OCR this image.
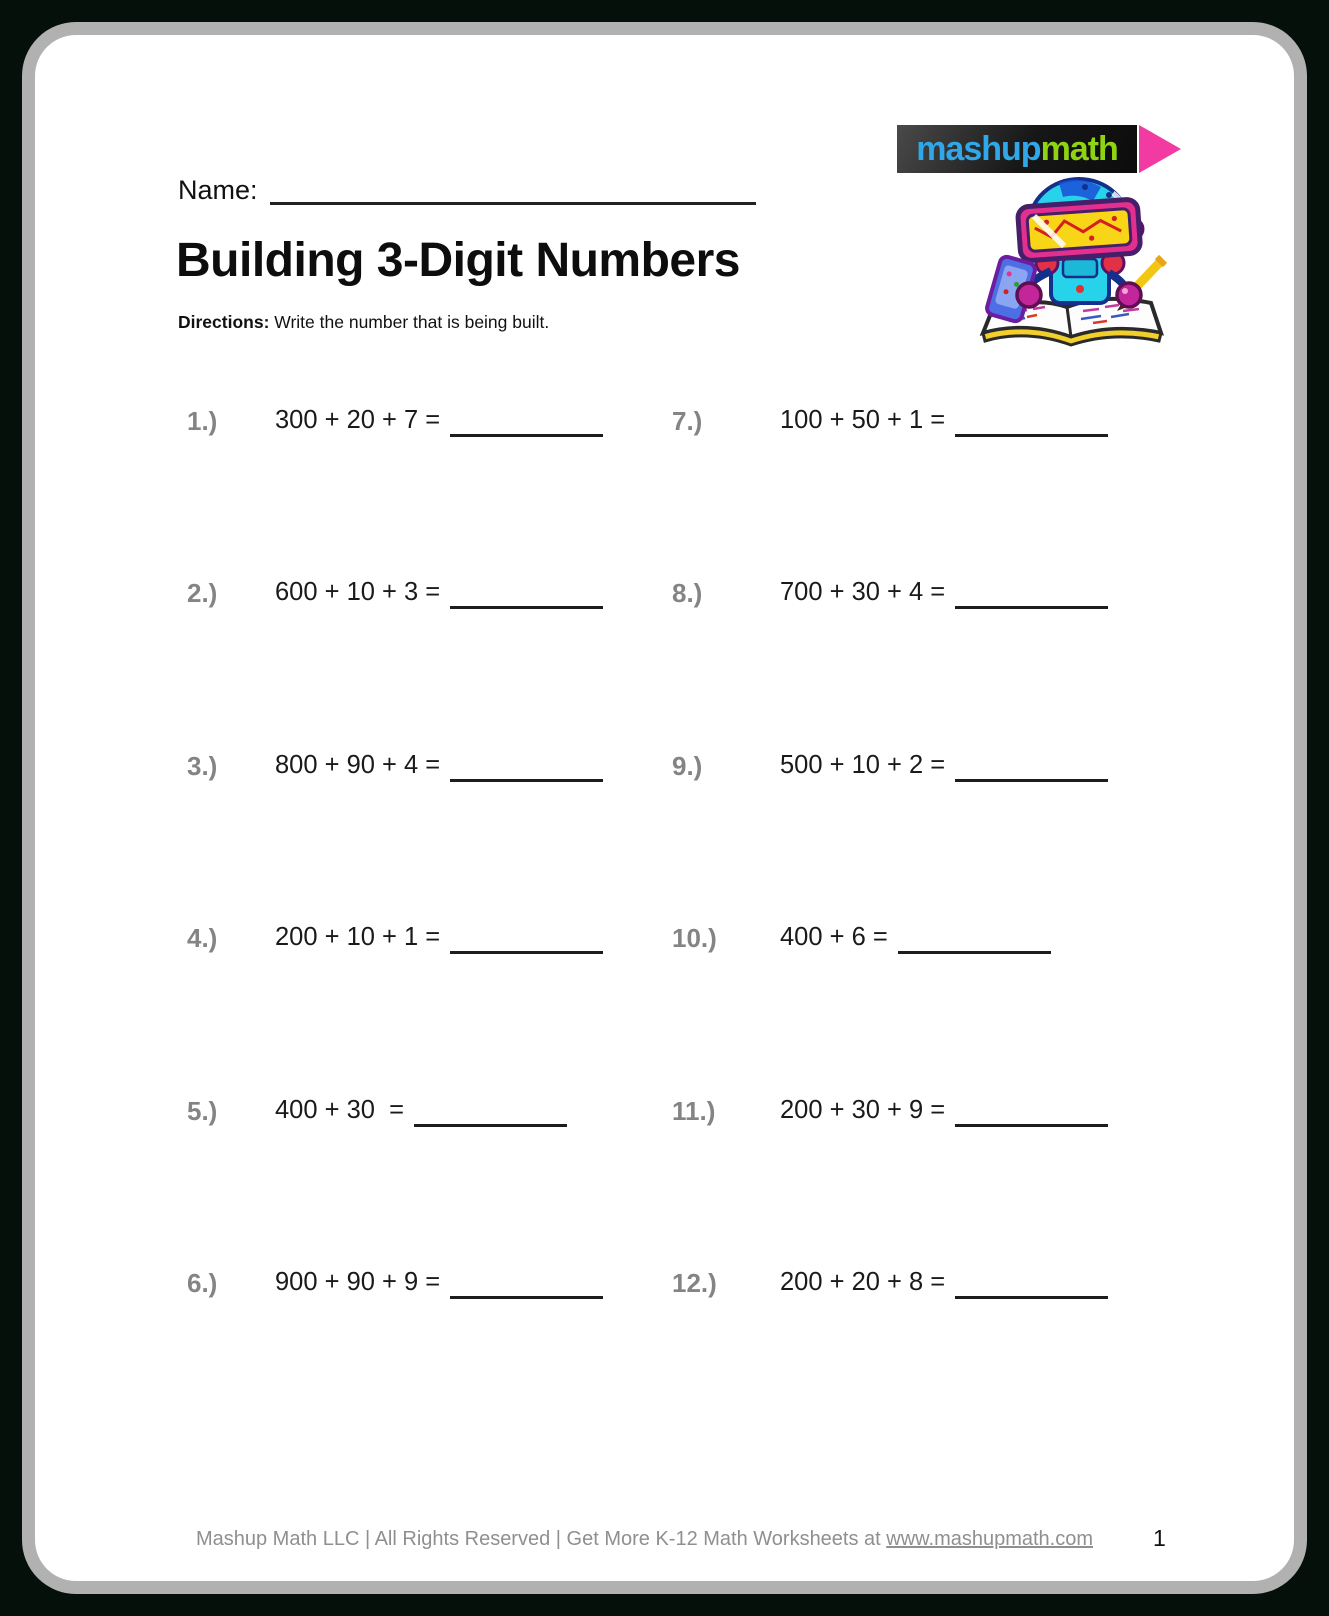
Name:
mashupmath
Building 3-Digit Numbers
Directions: Write the number that is being built.
1.)	300 + 20 + 7 =
2.)	600 + 10 + 3 =
3.)	800 + 90 + 4 =
4.)	200 + 10 + 1 =
5.)	400 + 30  =
6.)	900 + 90 + 9 =
7.)	100 + 50 + 1 =
8.)	700 + 30 + 4 =
9.)	500 + 10 + 2 =
10.)	400 + 6 =
11.)	200 + 30 + 9 =
12.)	200 + 20 + 8 =
Mashup Math LLC | All Rights Reserved | Get More K-12 Math Worksheets at www.mashupmath.com	1
